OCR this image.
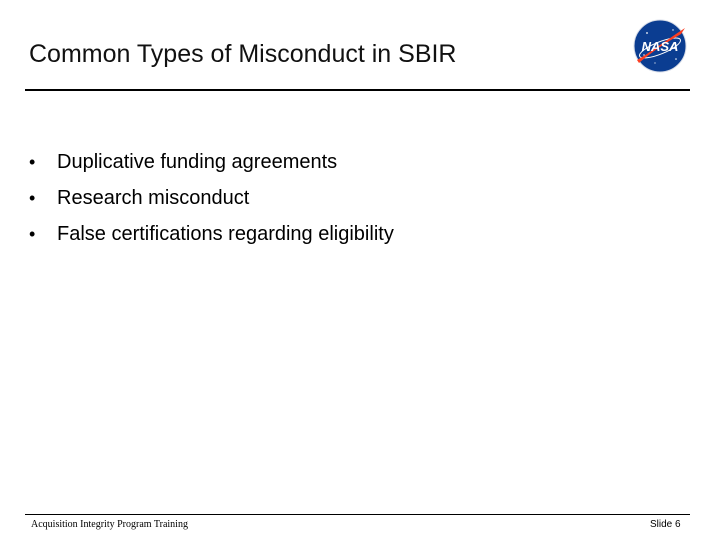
Common Types of Misconduct in SBIR	NASA
•	Duplicative funding agreements
•	Research misconduct
•	False certifications regarding eligibility
Acquisition Integrity Program Training	Slide 6
